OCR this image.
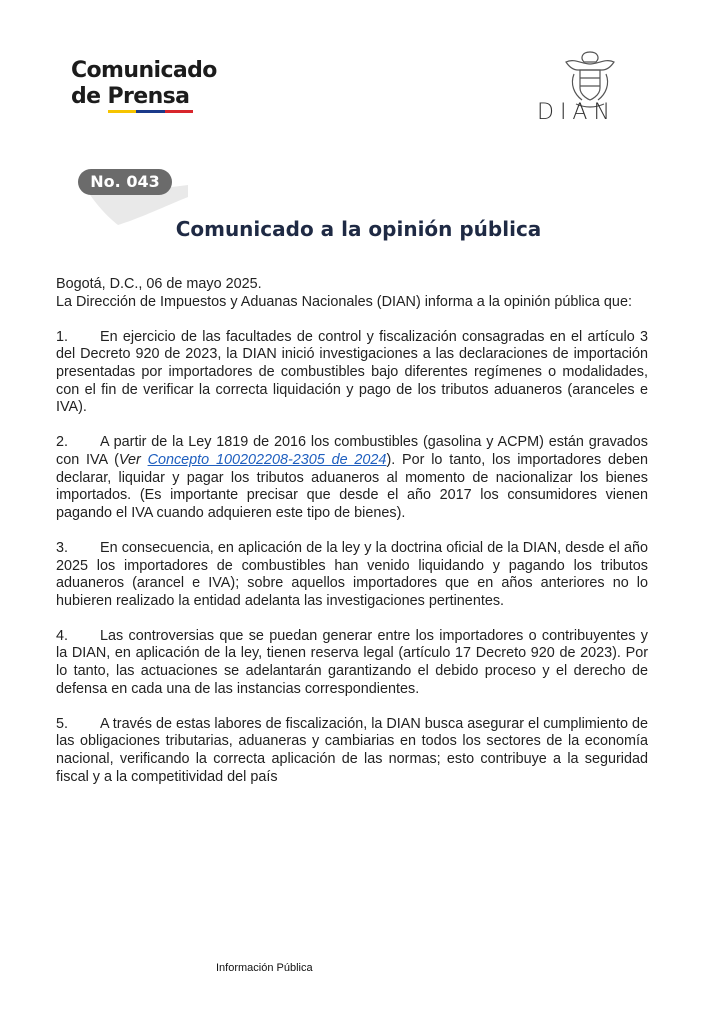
Comunicado
de Prensa
DIAN
No. 043
Comunicado a la opinión pública

Bogotá, D.C., 06 de mayo 2025.

La Dirección de Impuestos y Aduanas Nacionales (DIAN) informa a la opinión pública que:

1. En ejercicio de las facultades de control y fiscalización consagradas en el artículo 3 del Decreto 920 de 2023, la DIAN inició investigaciones a las declaraciones de importación presentadas por importadores de combustibles bajo diferentes regímenes o modalidades, con el fin de verificar la correcta liquidación y pago de los tributos aduaneros (aranceles e IVA).

2. A partir de la Ley 1819 de 2016 los combustibles (gasolina y ACPM) están gravados con IVA (Ver Concepto 100202208-2305 de 2024). Por lo tanto, los importadores deben declarar, liquidar y pagar los tributos aduaneros al momento de nacionalizar los bienes importados. (Es importante precisar que desde el año 2017 los consumidores vienen pagando el IVA cuando adquieren este tipo de bienes).

3. En consecuencia, en aplicación de la ley y la doctrina oficial de la DIAN, desde el año 2025 los importadores de combustibles han venido liquidando y pagando los tributos aduaneros (arancel e IVA); sobre aquellos importadores que en años anteriores no lo hubieren realizado la entidad adelanta las investigaciones pertinentes.

4. Las controversias que se puedan generar entre los importadores o contribuyentes y la DIAN, en aplicación de la ley, tienen reserva legal (artículo 17 Decreto 920 de 2023). Por lo tanto, las actuaciones se adelantarán garantizando el debido proceso y el derecho de defensa en cada una de las instancias correspondientes.

5. A través de estas labores de fiscalización, la DIAN busca asegurar el cumplimiento de las obligaciones tributarias, aduaneras y cambiarias en todos los sectores de la economía nacional, verificando la correcta aplicación de las normas; esto contribuye a la seguridad fiscal y a la competitividad del país

Información Pública
